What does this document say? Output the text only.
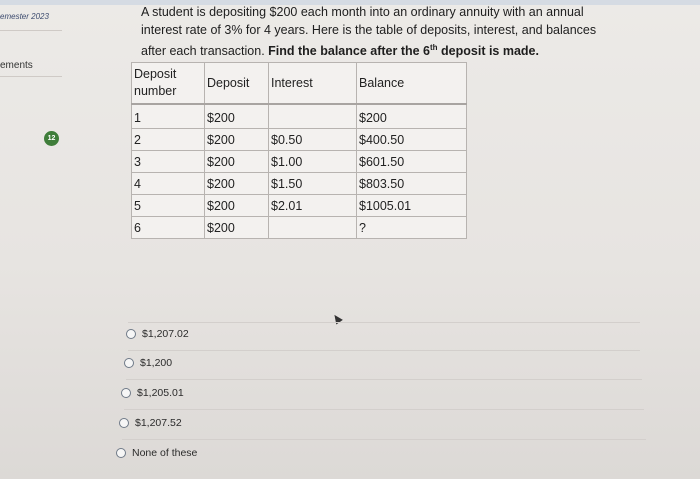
emester 2023
ements
12
A student is depositing $200 each month into an ordinary annuity with an annual interest rate of 3% for 4 years. Here is the table of deposits, interest, and balances after each transaction. Find the balance after the 6th deposit is made.
Deposit number	Deposit	Interest	Balance
1	$200		$200
2	$200	$0.50	$400.50
3	$200	$1.00	$601.50
4	$200	$1.50	$803.50
5	$200	$2.01	$1005.01
6	$200		?
$1,207.02
$1,200
$1,205.01
$1,207.52
None of these
